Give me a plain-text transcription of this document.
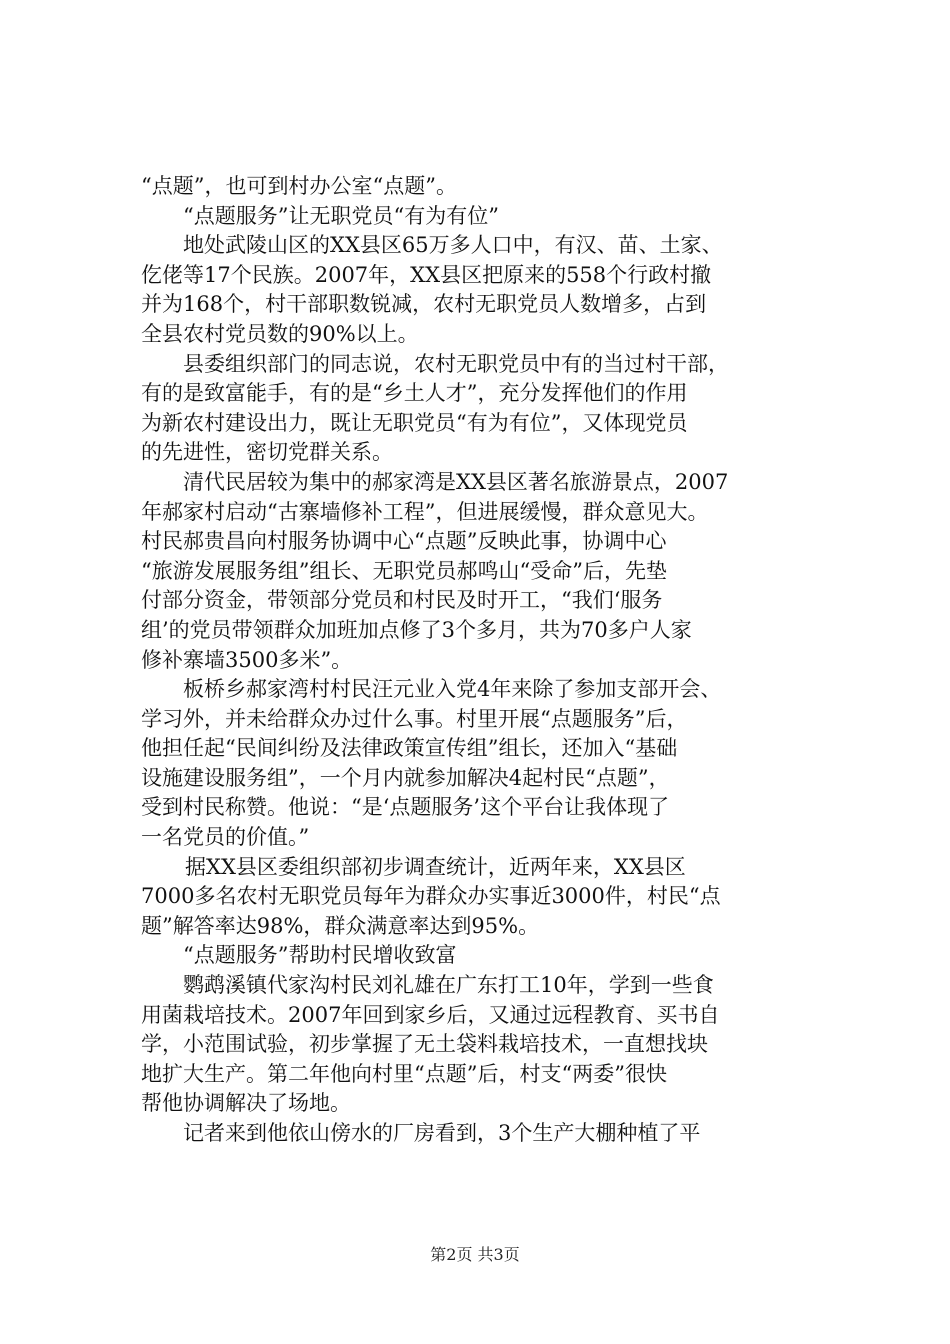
“点题”，也可到村办公室“点题”。
“点题服务”让无职党员“有为有位”
地处武陵山区的XX县区65万多人口中，有汉、苗、土家、
仡佬等17个民族。2007年，XX县区把原来的558个行政村撤
并为168个，村干部职数锐减，农村无职党员人数增多，占到
全县农村党员数的90%以上。
县委组织部门的同志说，农村无职党员中有的当过村干部，
有的是致富能手，有的是“乡土人才”，充分发挥他们的作用
为新农村建设出力，既让无职党员“有为有位”，又体现党员
的先进性，密切党群关系。
清代民居较为集中的郝家湾是XX县区著名旅游景点，2007
年郝家村启动“古寨墙修补工程”，但进展缓慢，群众意见大。
村民郝贵昌向村服务协调中心“点题”反映此事，协调中心
“旅游发展服务组”组长、无职党员郝鸣山“受命”后，先垫
付部分资金，带领部分党员和村民及时开工，“我们‘服务
组’的党员带领群众加班加点修了3个多月，共为70多户人家
修补寨墙3500多米”。
板桥乡郝家湾村村民汪元业入党4年来除了参加支部开会、
学习外，并未给群众办过什么事。村里开展“点题服务”后，
他担任起“民间纠纷及法律政策宣传组”组长，还加入“基础
设施建设服务组”，一个月内就参加解决4起村民“点题”，
受到村民称赞。他说：“是‘点题服务’这个平台让我体现了
一名党员的价值。”
据XX县区委组织部初步调查统计，近两年来，XX县区
7000多名农村无职党员每年为群众办实事近3000件，村民“点
题”解答率达98%，群众满意率达到95%。
“点题服务”帮助村民增收致富
鹦鹉溪镇代家沟村民刘礼雄在广东打工10年，学到一些食
用菌栽培技术。2007年回到家乡后，又通过远程教育、买书自
学，小范围试验，初步掌握了无土袋料栽培技术，一直想找块
地扩大生产。第二年他向村里“点题”后，村支“两委”很快
帮他协调解决了场地。
记者来到他依山傍水的厂房看到，3个生产大棚种植了平
第2页 共3页
